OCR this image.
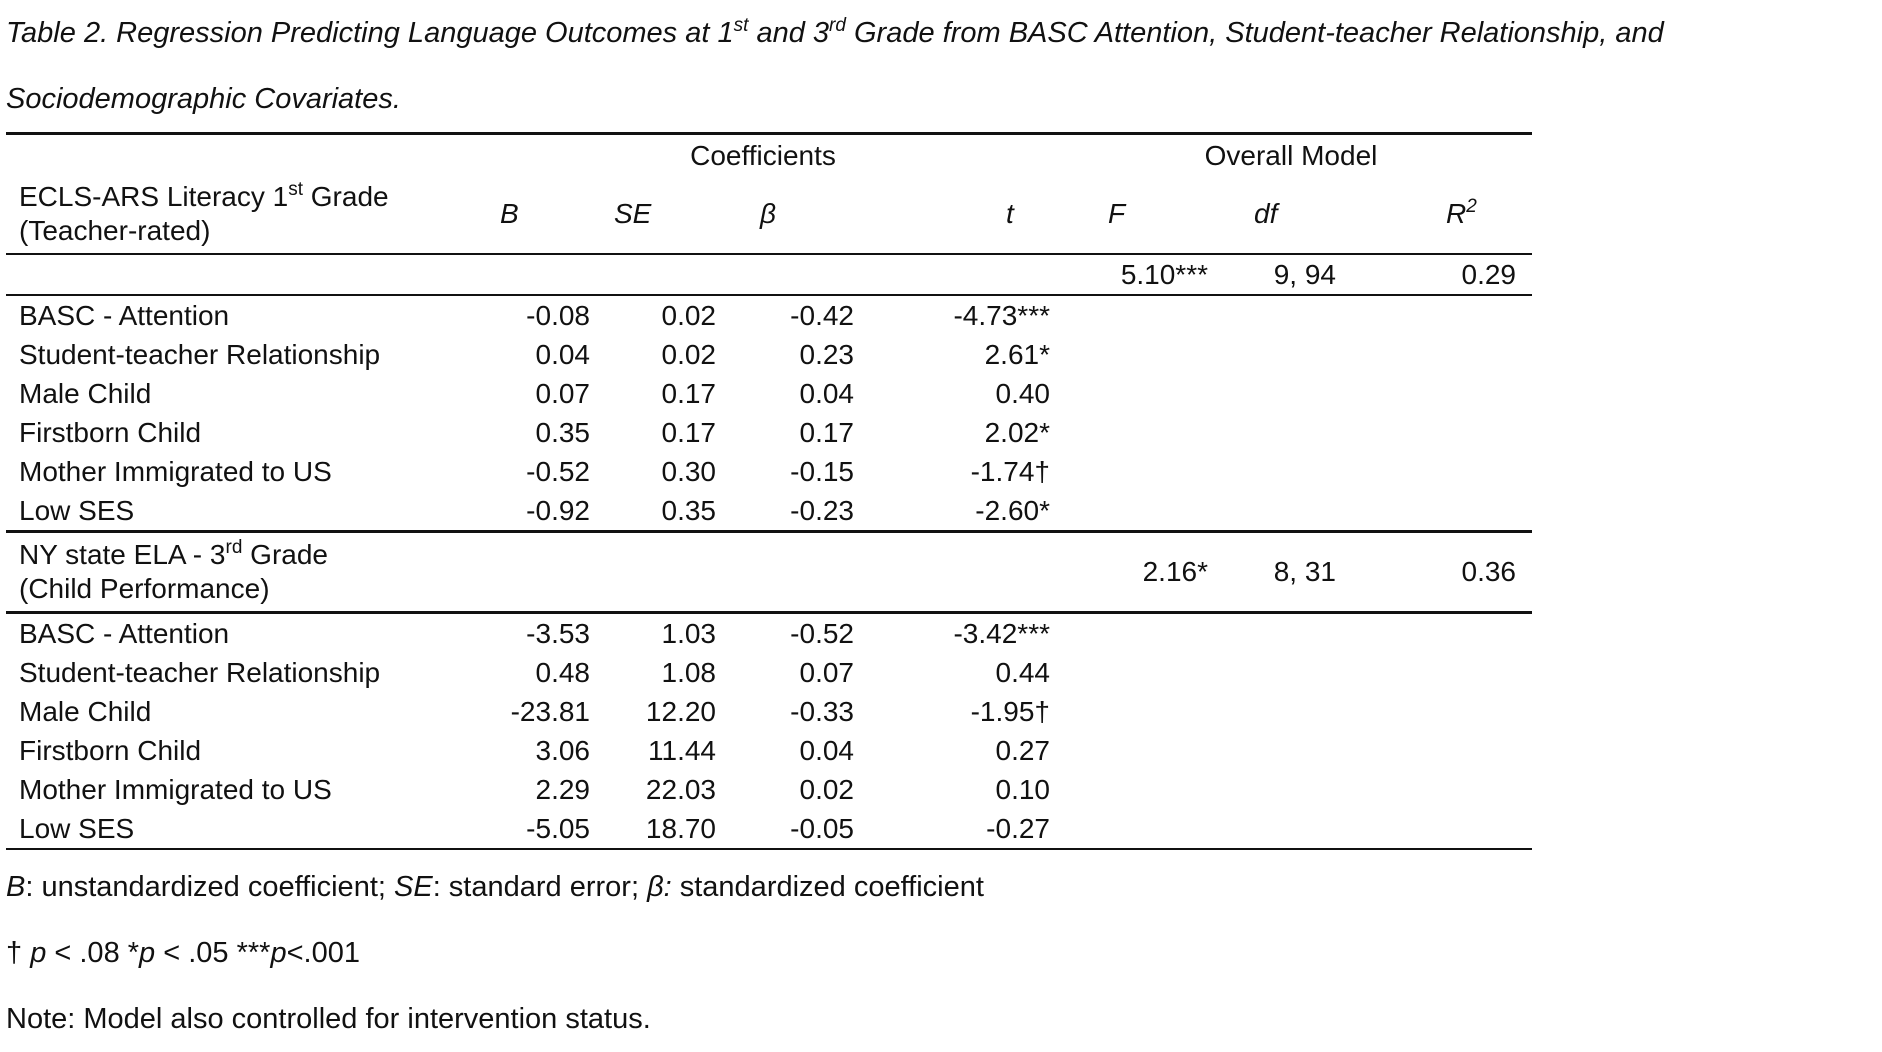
Table 2. Regression Predicting Language Outcomes at 1st and 3rd Grade from BASC Attention, Student-teacher Relationship, and
Sociodemographic Covariates.

	Coefficients				Overall Model		
ECLS-ARS Literacy 1st Grade
(Teacher-rated)	B	SE	β	t	F	df	$R^2$
					5.10***	9, 94	0.29
BASC - Attention	-0.08	0.02	-0.42	-4.73***			
Student-teacher Relationship	0.04	0.02	0.23	2.61*			
Male Child	0.07	0.17	0.04	0.40			
Firstborn Child	0.35	0.17	0.17	2.02*			
Mother Immigrated to US	-0.52	0.30	-0.15	-1.74†			
Low SES	-0.92	0.35	-0.23	-2.60*			
NY state ELA - 3rd Grade
(Child Performance)					2.16*	8, 31	0.36
BASC - Attention	-3.53	1.03	-0.52	-3.42***			
Student-teacher Relationship	0.48	1.08	0.07	0.44			
Male Child	-23.81	12.20	-0.33	-1.95†			
Firstborn Child	3.06	11.44	0.04	0.27			
Mother Immigrated to US	2.29	22.03	0.02	0.10			
Low SES	-5.05	18.70	-0.05	-0.27			

B: unstandardized coefficient; SE: standard error; β: standardized coefficient

† p < .08 *p < .05 ***p<.001

Note: Model also controlled for intervention status.
